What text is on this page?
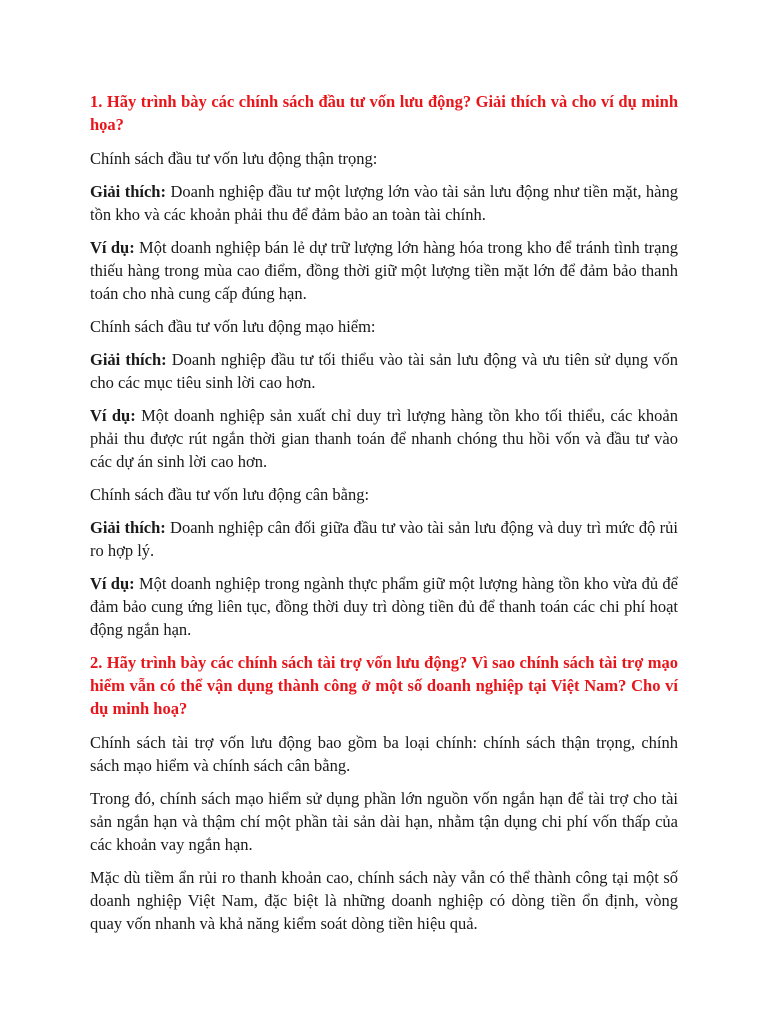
1. Hãy trình bày các chính sách đầu tư vốn lưu động? Giải thích và cho ví dụ minh họa?
Chính sách đầu tư vốn lưu động thận trọng:
Giải thích: Doanh nghiệp đầu tư một lượng lớn vào tài sản lưu động như tiền mặt, hàng tồn kho và các khoản phải thu để đảm bảo an toàn tài chính.
Ví dụ: Một doanh nghiệp bán lẻ dự trữ lượng lớn hàng hóa trong kho để tránh tình trạng thiếu hàng trong mùa cao điểm, đồng thời giữ một lượng tiền mặt lớn để đảm bảo thanh toán cho nhà cung cấp đúng hạn.
Chính sách đầu tư vốn lưu động mạo hiểm:
Giải thích: Doanh nghiệp đầu tư tối thiểu vào tài sản lưu động và ưu tiên sử dụng vốn cho các mục tiêu sinh lời cao hơn.
Ví dụ: Một doanh nghiệp sản xuất chỉ duy trì lượng hàng tồn kho tối thiểu, các khoản phải thu được rút ngắn thời gian thanh toán để nhanh chóng thu hồi vốn và đầu tư vào các dự án sinh lời cao hơn.
Chính sách đầu tư vốn lưu động cân bằng:
Giải thích: Doanh nghiệp cân đối giữa đầu tư vào tài sản lưu động và duy trì mức độ rủi ro hợp lý.
Ví dụ: Một doanh nghiệp trong ngành thực phẩm giữ một lượng hàng tồn kho vừa đủ để đảm bảo cung ứng liên tục, đồng thời duy trì dòng tiền đủ để thanh toán các chi phí hoạt động ngắn hạn.
2. Hãy trình bày các chính sách tài trợ vốn lưu động? Vì sao chính sách tài trợ mạo hiểm vẫn có thể vận dụng thành công ở một số doanh nghiệp tại Việt Nam? Cho ví dụ minh hoạ?
Chính sách tài trợ vốn lưu động bao gồm ba loại chính: chính sách thận trọng, chính sách mạo hiểm và chính sách cân bằng.
Trong đó, chính sách mạo hiểm sử dụng phần lớn nguồn vốn ngắn hạn để tài trợ cho tài sản ngắn hạn và thậm chí một phần tài sản dài hạn, nhằm tận dụng chi phí vốn thấp của các khoản vay ngắn hạn.
Mặc dù tiềm ẩn rủi ro thanh khoản cao, chính sách này vẫn có thể thành công tại một số doanh nghiệp Việt Nam, đặc biệt là những doanh nghiệp có dòng tiền ổn định, vòng quay vốn nhanh và khả năng kiểm soát dòng tiền hiệu quả.
